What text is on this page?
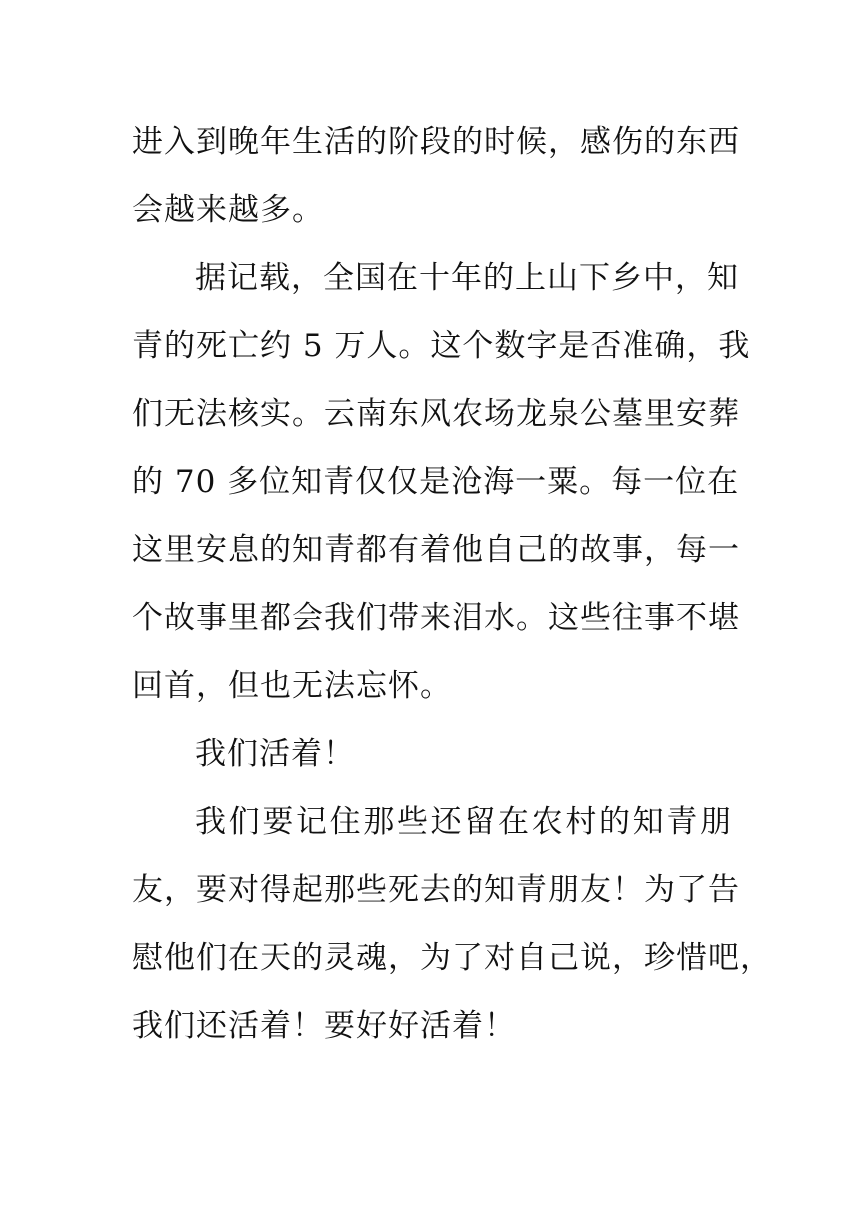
进入到晚年生活的阶段的时候，感伤的东西
会越来越多。
据记载，全国在十年的上山下乡中，知
青的死亡约 5 万人。这个数字是否准确，我
们无法核实。云南东风农场龙泉公墓里安葬
的 70 多位知青仅仅是沧海一粟。每一位在
这里安息的知青都有着他自己的故事，每一
个故事里都会我们带来泪水。这些往事不堪
回首，但也无法忘怀。
我们活着！
我们要记住那些还留在农村的知青朋
友，要对得起那些死去的知青朋友！为了告
慰他们在天的灵魂，为了对自己说，珍惜吧，
我们还活着！要好好活着！
